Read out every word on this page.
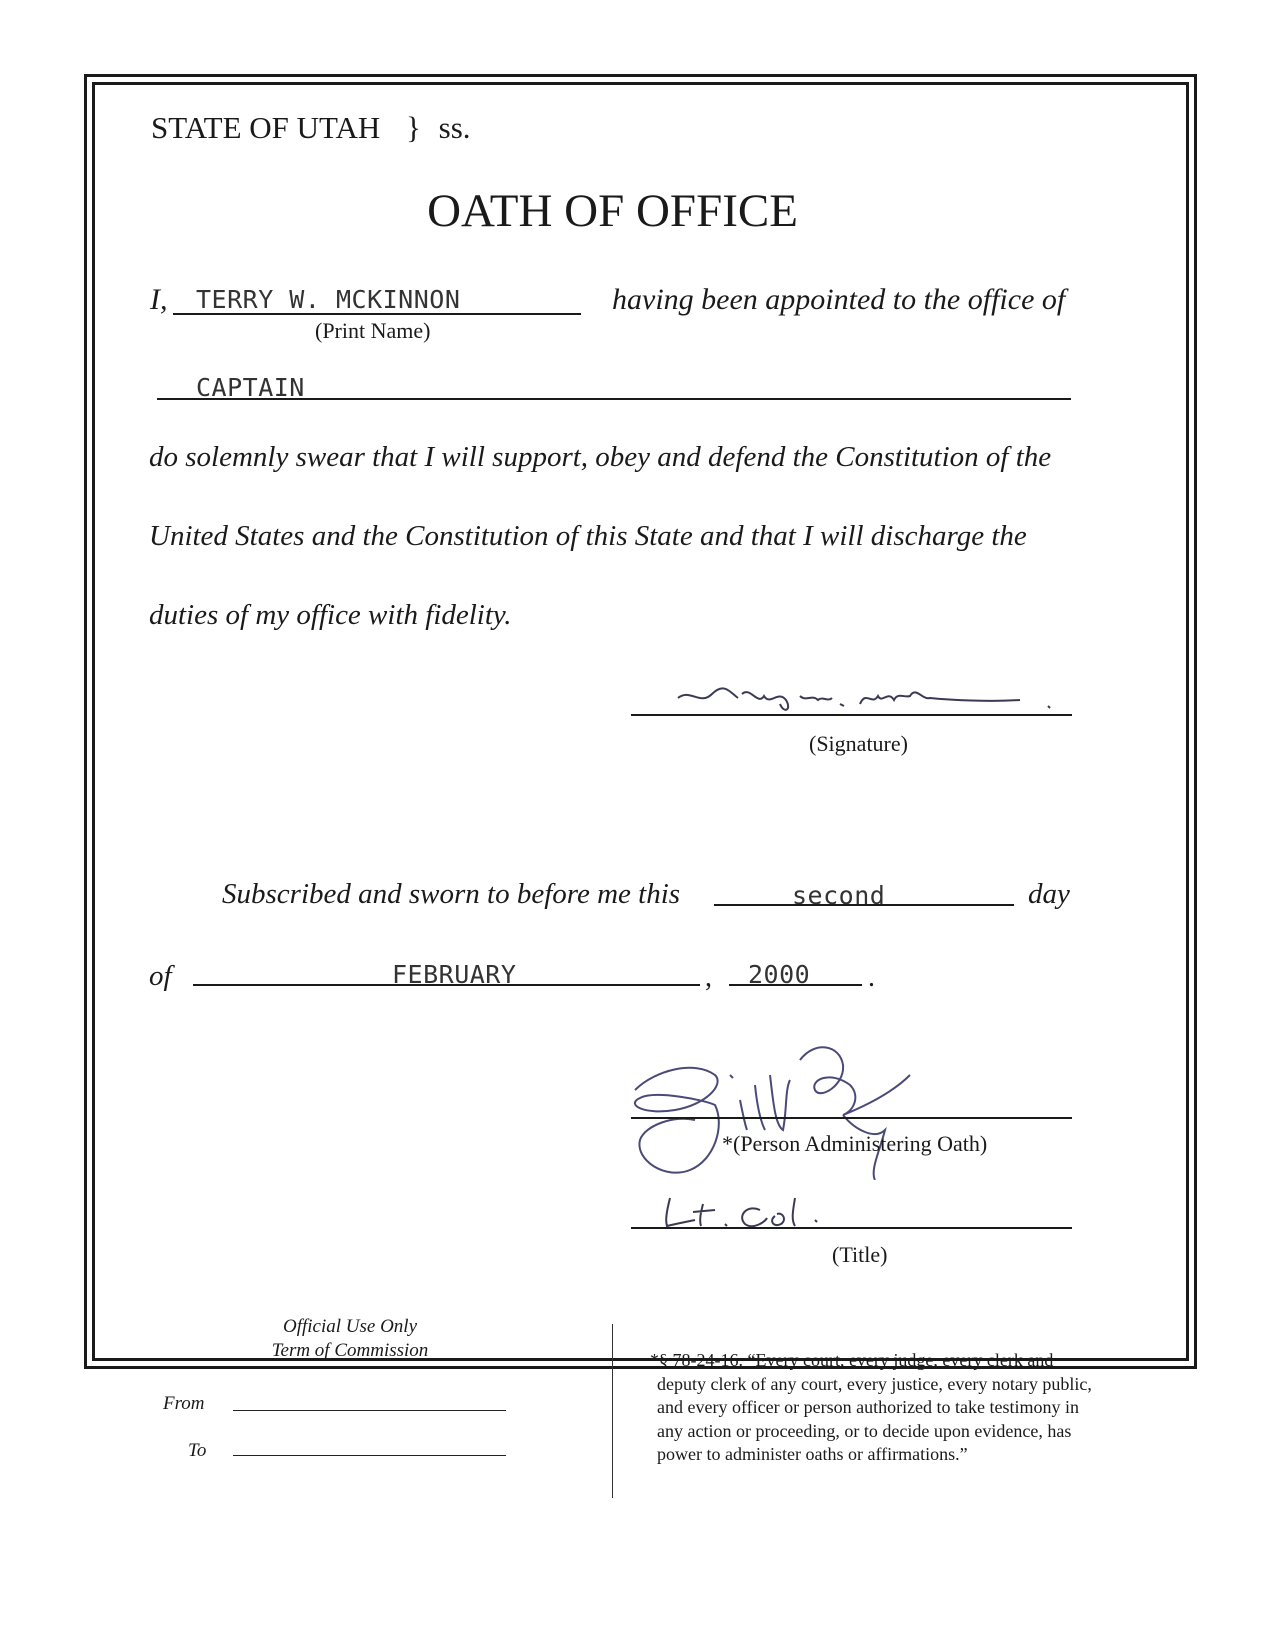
STATE OF UTAH } ss.
OATH OF OFFICE
I, TERRY W. MCKINNON
(Print Name)
having been appointed to the office of
CAPTAIN
do solemnly swear that I will support, obey and defend the Constitution of the
United States and the Constitution of this State and that I will discharge the
duties of my office with fidelity.
(Signature)
Subscribed and sworn to before me this	second	day
of	FEBRUARY	, 2000 .
*(Person Administering Oath)
(Title)
Official Use Only
Term of Commission
From
To
*§ 78-24-16. “Every court, every judge, every clerk and
deputy clerk of any court, every justice, every notary public,
and every officer or person authorized to take testimony in
any action or proceeding, or to decide upon evidence, has
power to administer oaths or affirmations.”
